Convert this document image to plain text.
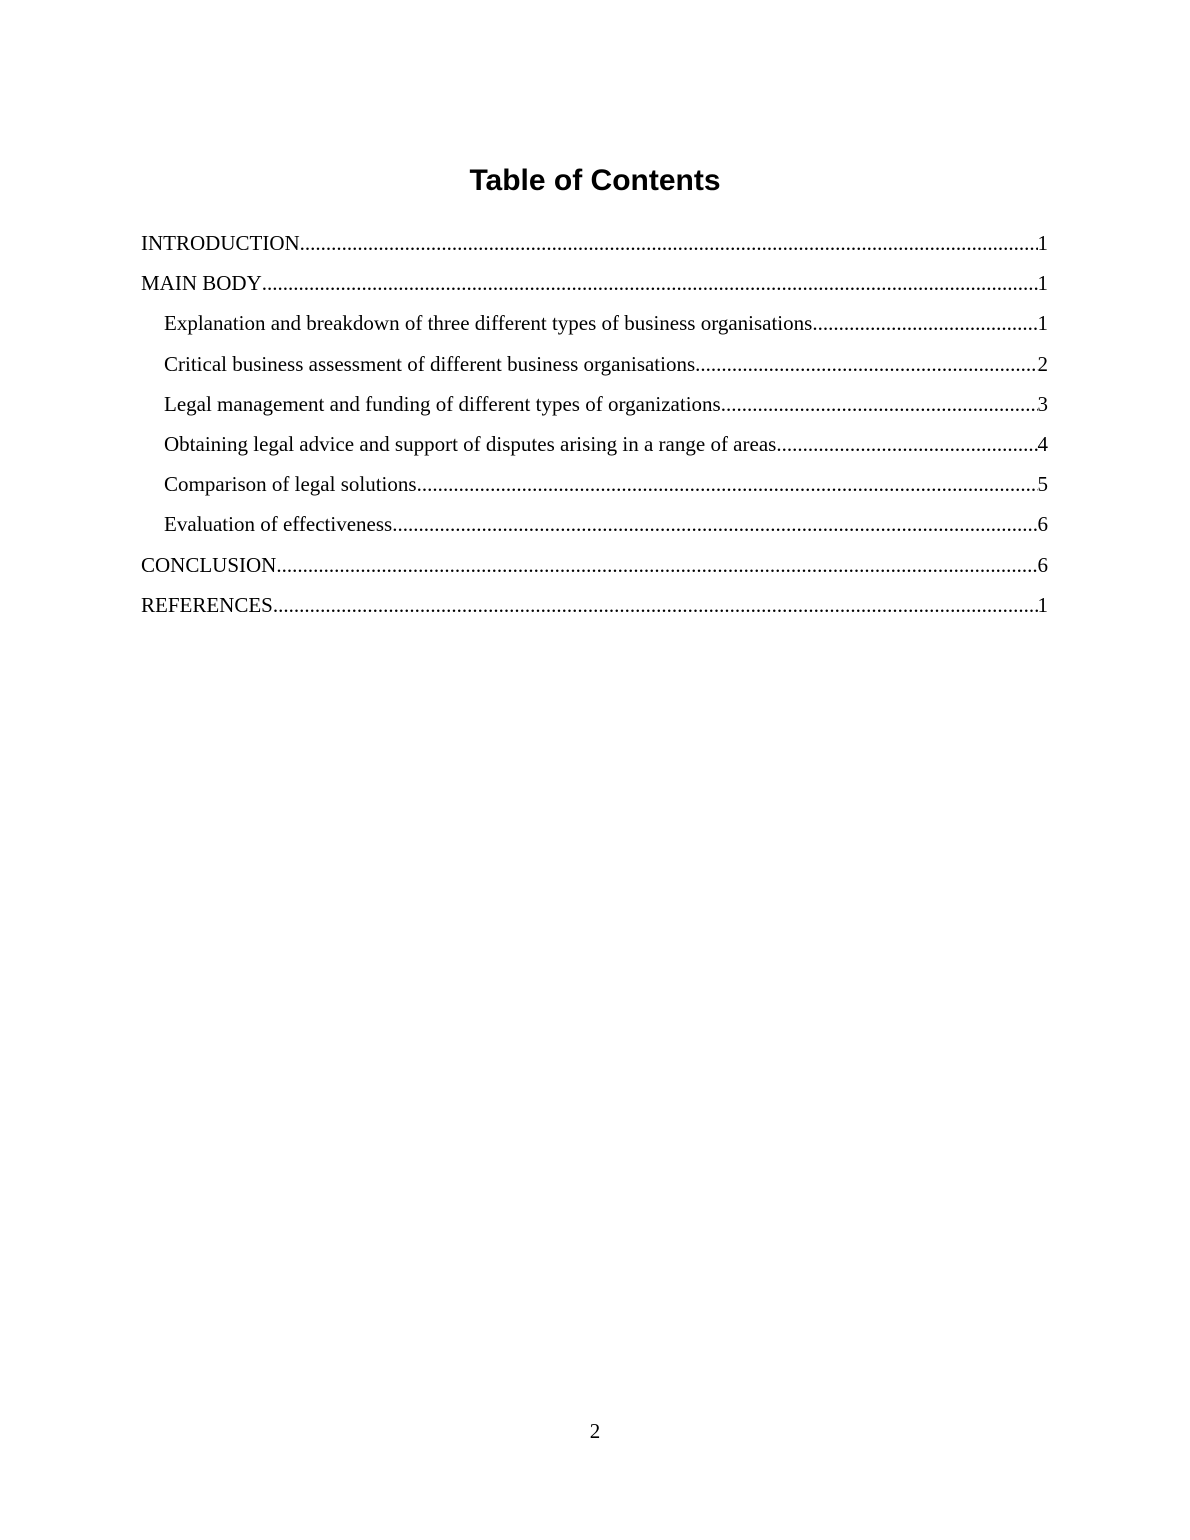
Table of Contents
INTRODUCTION .....	1
MAIN BODY .....	1
Explanation and breakdown of three different types of business organisations .....	1
Critical business assessment of different business organisations .....	2
Legal management and funding of different types of organizations .....	3
Obtaining legal advice and support of disputes arising in a range of areas .....	4
Comparison of legal solutions .....	5
Evaluation of effectiveness .....	6
CONCLUSION .....	6
REFERENCES .....	1
2
